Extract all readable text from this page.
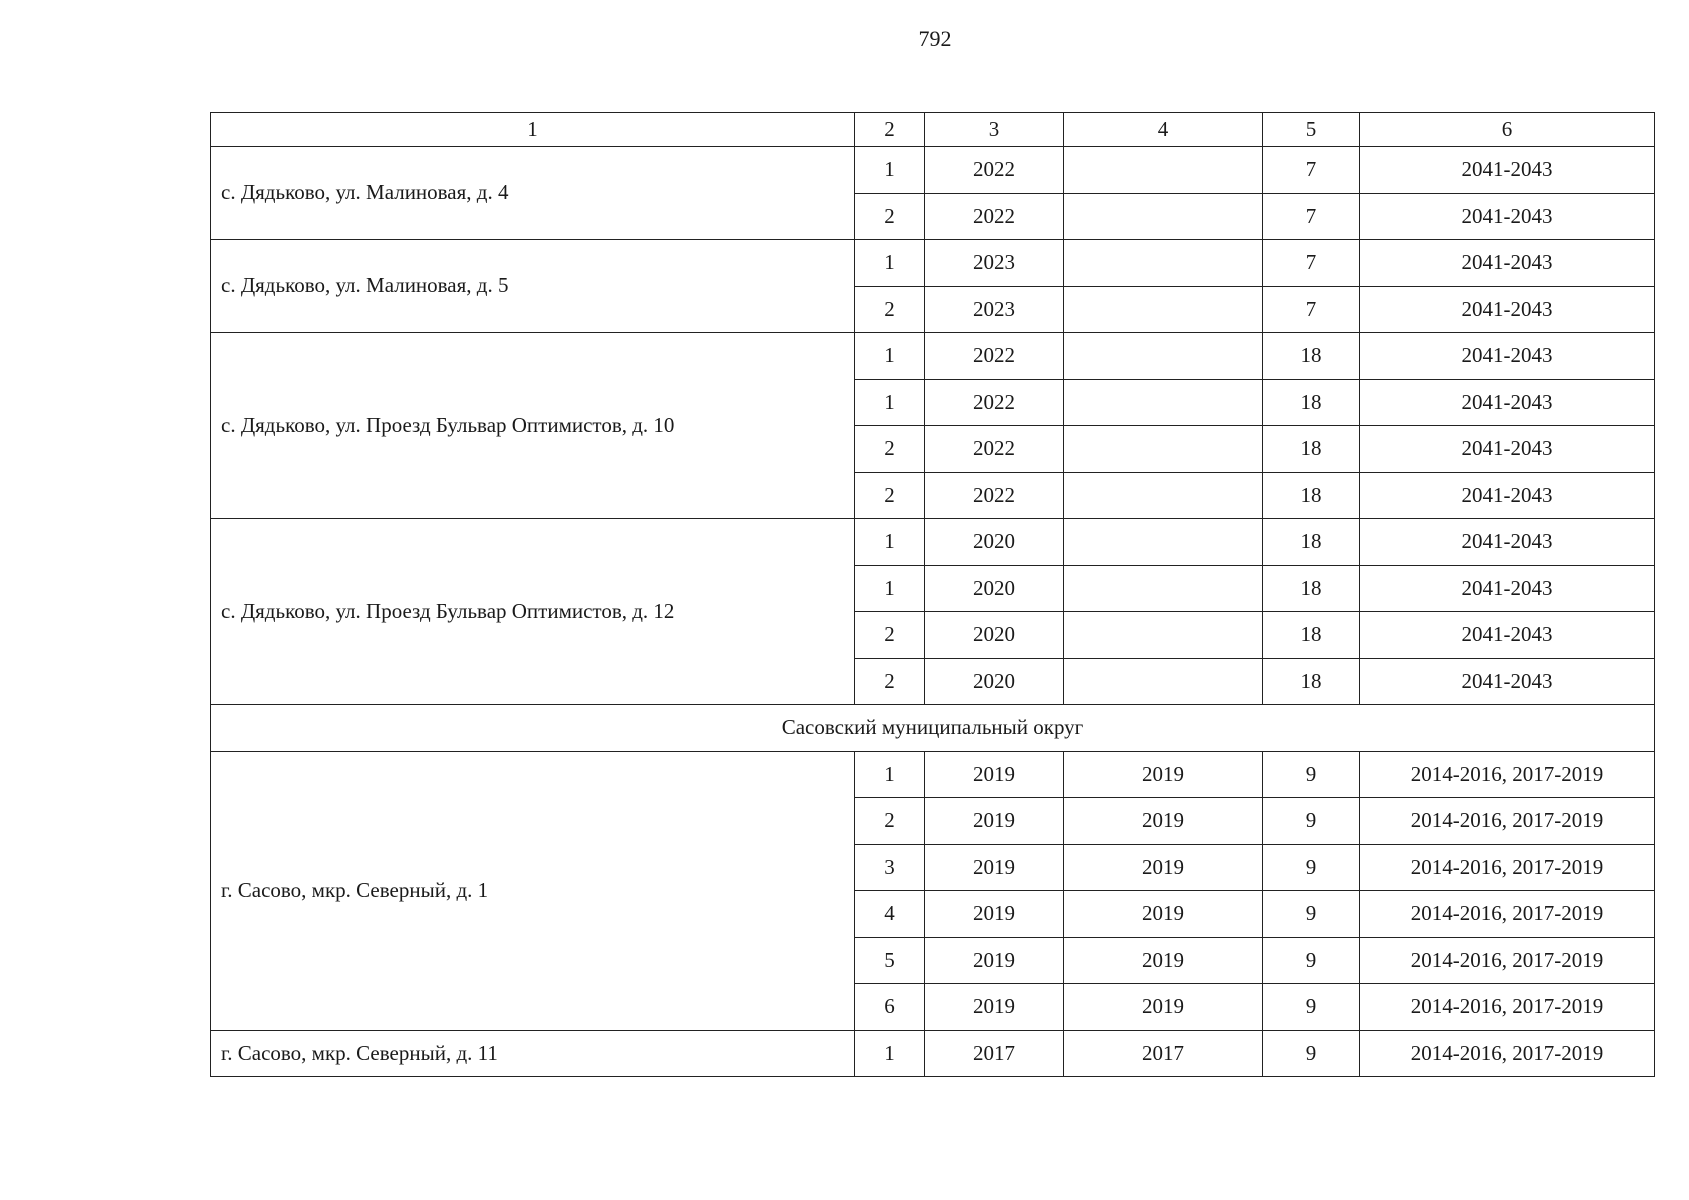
792
1	2	3	4	5	6
с. Дядьково, ул. Малиновая, д. 4	1	2022		7	2041-2043
	2	2022		7	2041-2043
с. Дядьково, ул. Малиновая, д. 5	1	2023		7	2041-2043
	2	2023		7	2041-2043
с. Дядьково, ул. Проезд Бульвар Оптимистов, д. 10	1	2022		18	2041-2043
	1	2022		18	2041-2043
	2	2022		18	2041-2043
	2	2022		18	2041-2043
с. Дядьково, ул. Проезд Бульвар Оптимистов, д. 12	1	2020		18	2041-2043
	1	2020		18	2041-2043
	2	2020		18	2041-2043
	2	2020		18	2041-2043
Сасовский муниципальный округ					
г. Сасово, мкр. Северный, д. 1	1	2019	2019	9	2014-2016, 2017-2019
	2	2019	2019	9	2014-2016, 2017-2019
	3	2019	2019	9	2014-2016, 2017-2019
	4	2019	2019	9	2014-2016, 2017-2019
	5	2019	2019	9	2014-2016, 2017-2019
	6	2019	2019	9	2014-2016, 2017-2019
г. Сасово, мкр. Северный, д. 11	1	2017	2017	9	2014-2016, 2017-2019
